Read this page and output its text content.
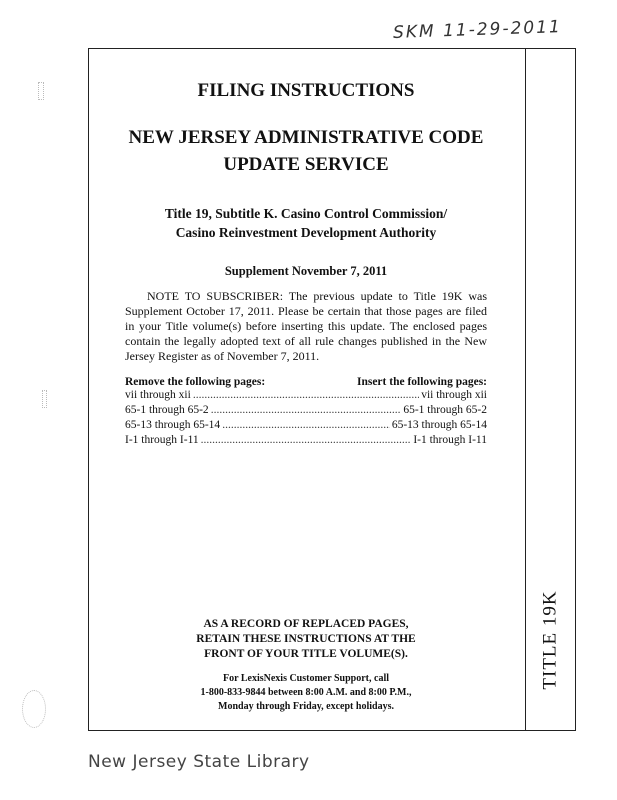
SKM 11-29-2011
TITLE 19K
FILING INSTRUCTIONS
NEW JERSEY ADMINISTRATIVE CODE
UPDATE SERVICE
Title 19, Subtitle K. Casino Control Commission/
Casino Reinvestment Development Authority
Supplement November 7, 2011
NOTE TO SUBSCRIBER: The previous update to Title 19K was Supplement October 17, 2011. Please be certain that those pages are filed in your Title volume(s) before inserting this update. The enclosed pages contain the legally adopted text of all rule changes published in the New Jersey Register as of November 7, 2011.
Remove the following pages:	Insert the following pages:
vii through xii .....	vii through xii
65-1 through 65-2 .....	65-1 through 65-2
65-13 through 65-14 .....	65-13 through 65-14
I-1 through I-11 .....	I-1 through I-11
AS A RECORD OF REPLACED PAGES,
RETAIN THESE INSTRUCTIONS AT THE
FRONT OF YOUR TITLE VOLUME(S).
For LexisNexis Customer Support, call
1-800-833-9844 between 8:00 A.M. and 8:00 P.M.,
Monday through Friday, except holidays.
New Jersey State Library
